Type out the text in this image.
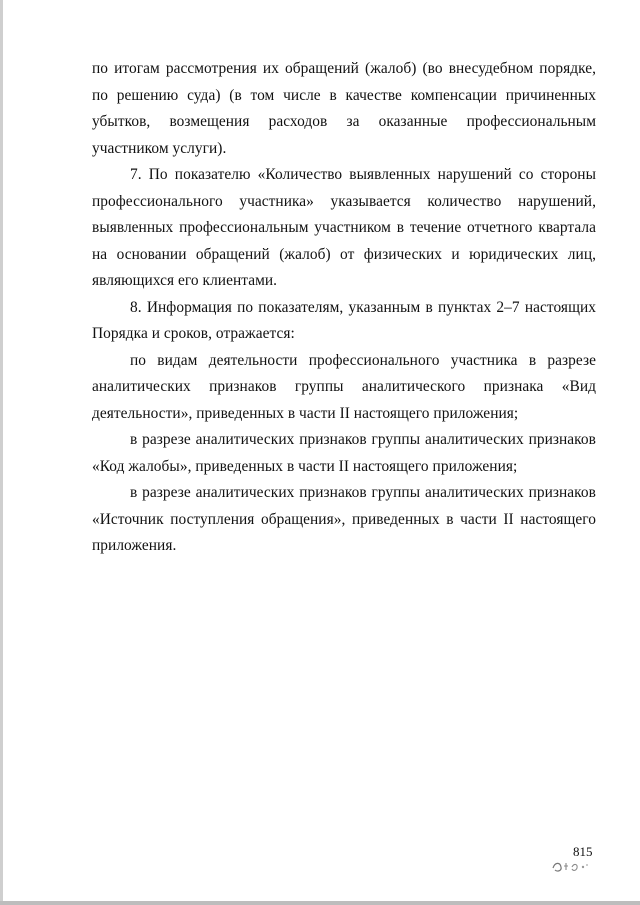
по итогам рассмотрения их обращений (жалоб) (во внесудебном порядке, по решению суда) (в том числе в качестве компенсации причиненных убытков, возмещения расходов за оказанные профессиональным участником услуги).

7. По показателю «Количество выявленных нарушений со стороны профессионального участника» указывается количество нарушений, выявленных профессиональным участником в течение отчетного квартала на основании обращений (жалоб) от физических и юридических лиц, являющихся его клиентами.

8. Информация по показателям, указанным в пунктах 2–7 настоящих Порядка и сроков, отражается:

по видам деятельности профессионального участника в разрезе аналитических признаков группы аналитического признака «Вид деятельности», приведенных в части II настоящего приложения;

в разрезе аналитических признаков группы аналитических признаков «Код жалобы», приведенных в части II настоящего приложения;

в разрезе аналитических признаков группы аналитических признаков «Источник поступления обращения», приведенных в части II настоящего приложения.

815
